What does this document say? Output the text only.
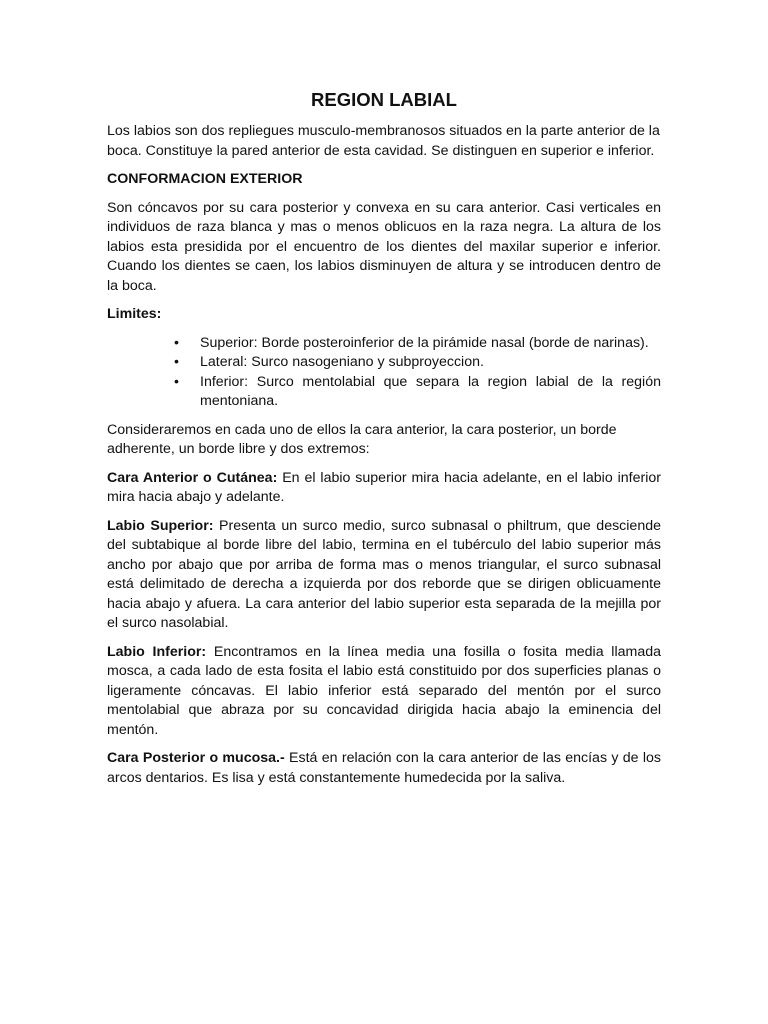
REGION LABIAL

Los labios son dos repliegues musculo-membranosos situados en la parte anterior de la boca. Constituye la pared anterior de esta cavidad. Se distinguen en superior e inferior.

CONFORMACION EXTERIOR

Son cóncavos por su cara posterior y convexa en su cara anterior. Casi verticales en individuos de raza blanca y mas o menos oblicuos en la raza negra. La altura de los labios esta presidida por el encuentro de los dientes del maxilar superior e inferior. Cuando los dientes se caen, los labios disminuyen de altura y se introducen dentro de la boca.

Limites:
• Superior: Borde posteroinferior de la pirámide nasal (borde de narinas).
• Lateral: Surco nasogeniano y subproyeccion.
• Inferior: Surco mentolabial que separa la region labial de la región mentoniana.

Consideraremos en cada uno de ellos la cara anterior, la cara posterior, un borde adherente, un borde libre y dos extremos:

Cara Anterior o Cutánea: En el labio superior mira hacia adelante, en el labio inferior mira hacia abajo y adelante.

Labio Superior: Presenta un surco medio, surco subnasal o philtrum, que desciende del subtabique al borde libre del labio, termina en el tubérculo del labio superior más ancho por abajo que por arriba de forma mas o menos triangular, el surco subnasal está delimitado de derecha a izquierda por dos reborde que se dirigen oblicuamente hacia abajo y afuera. La cara anterior del labio superior esta separada de la mejilla por el surco nasolabial.

Labio Inferior: Encontramos en la línea media una fosilla o fosita media llamada mosca, a cada lado de esta fosita el labio está constituido por dos superficies planas o ligeramente cóncavas. El labio inferior está separado del mentón por el surco mentolabial que abraza por su concavidad dirigida hacia abajo la eminencia del mentón.

Cara Posterior o mucosa.- Está en relación con la cara anterior de las encías y de los arcos dentarios. Es lisa y está constantemente humedecida por la saliva.
